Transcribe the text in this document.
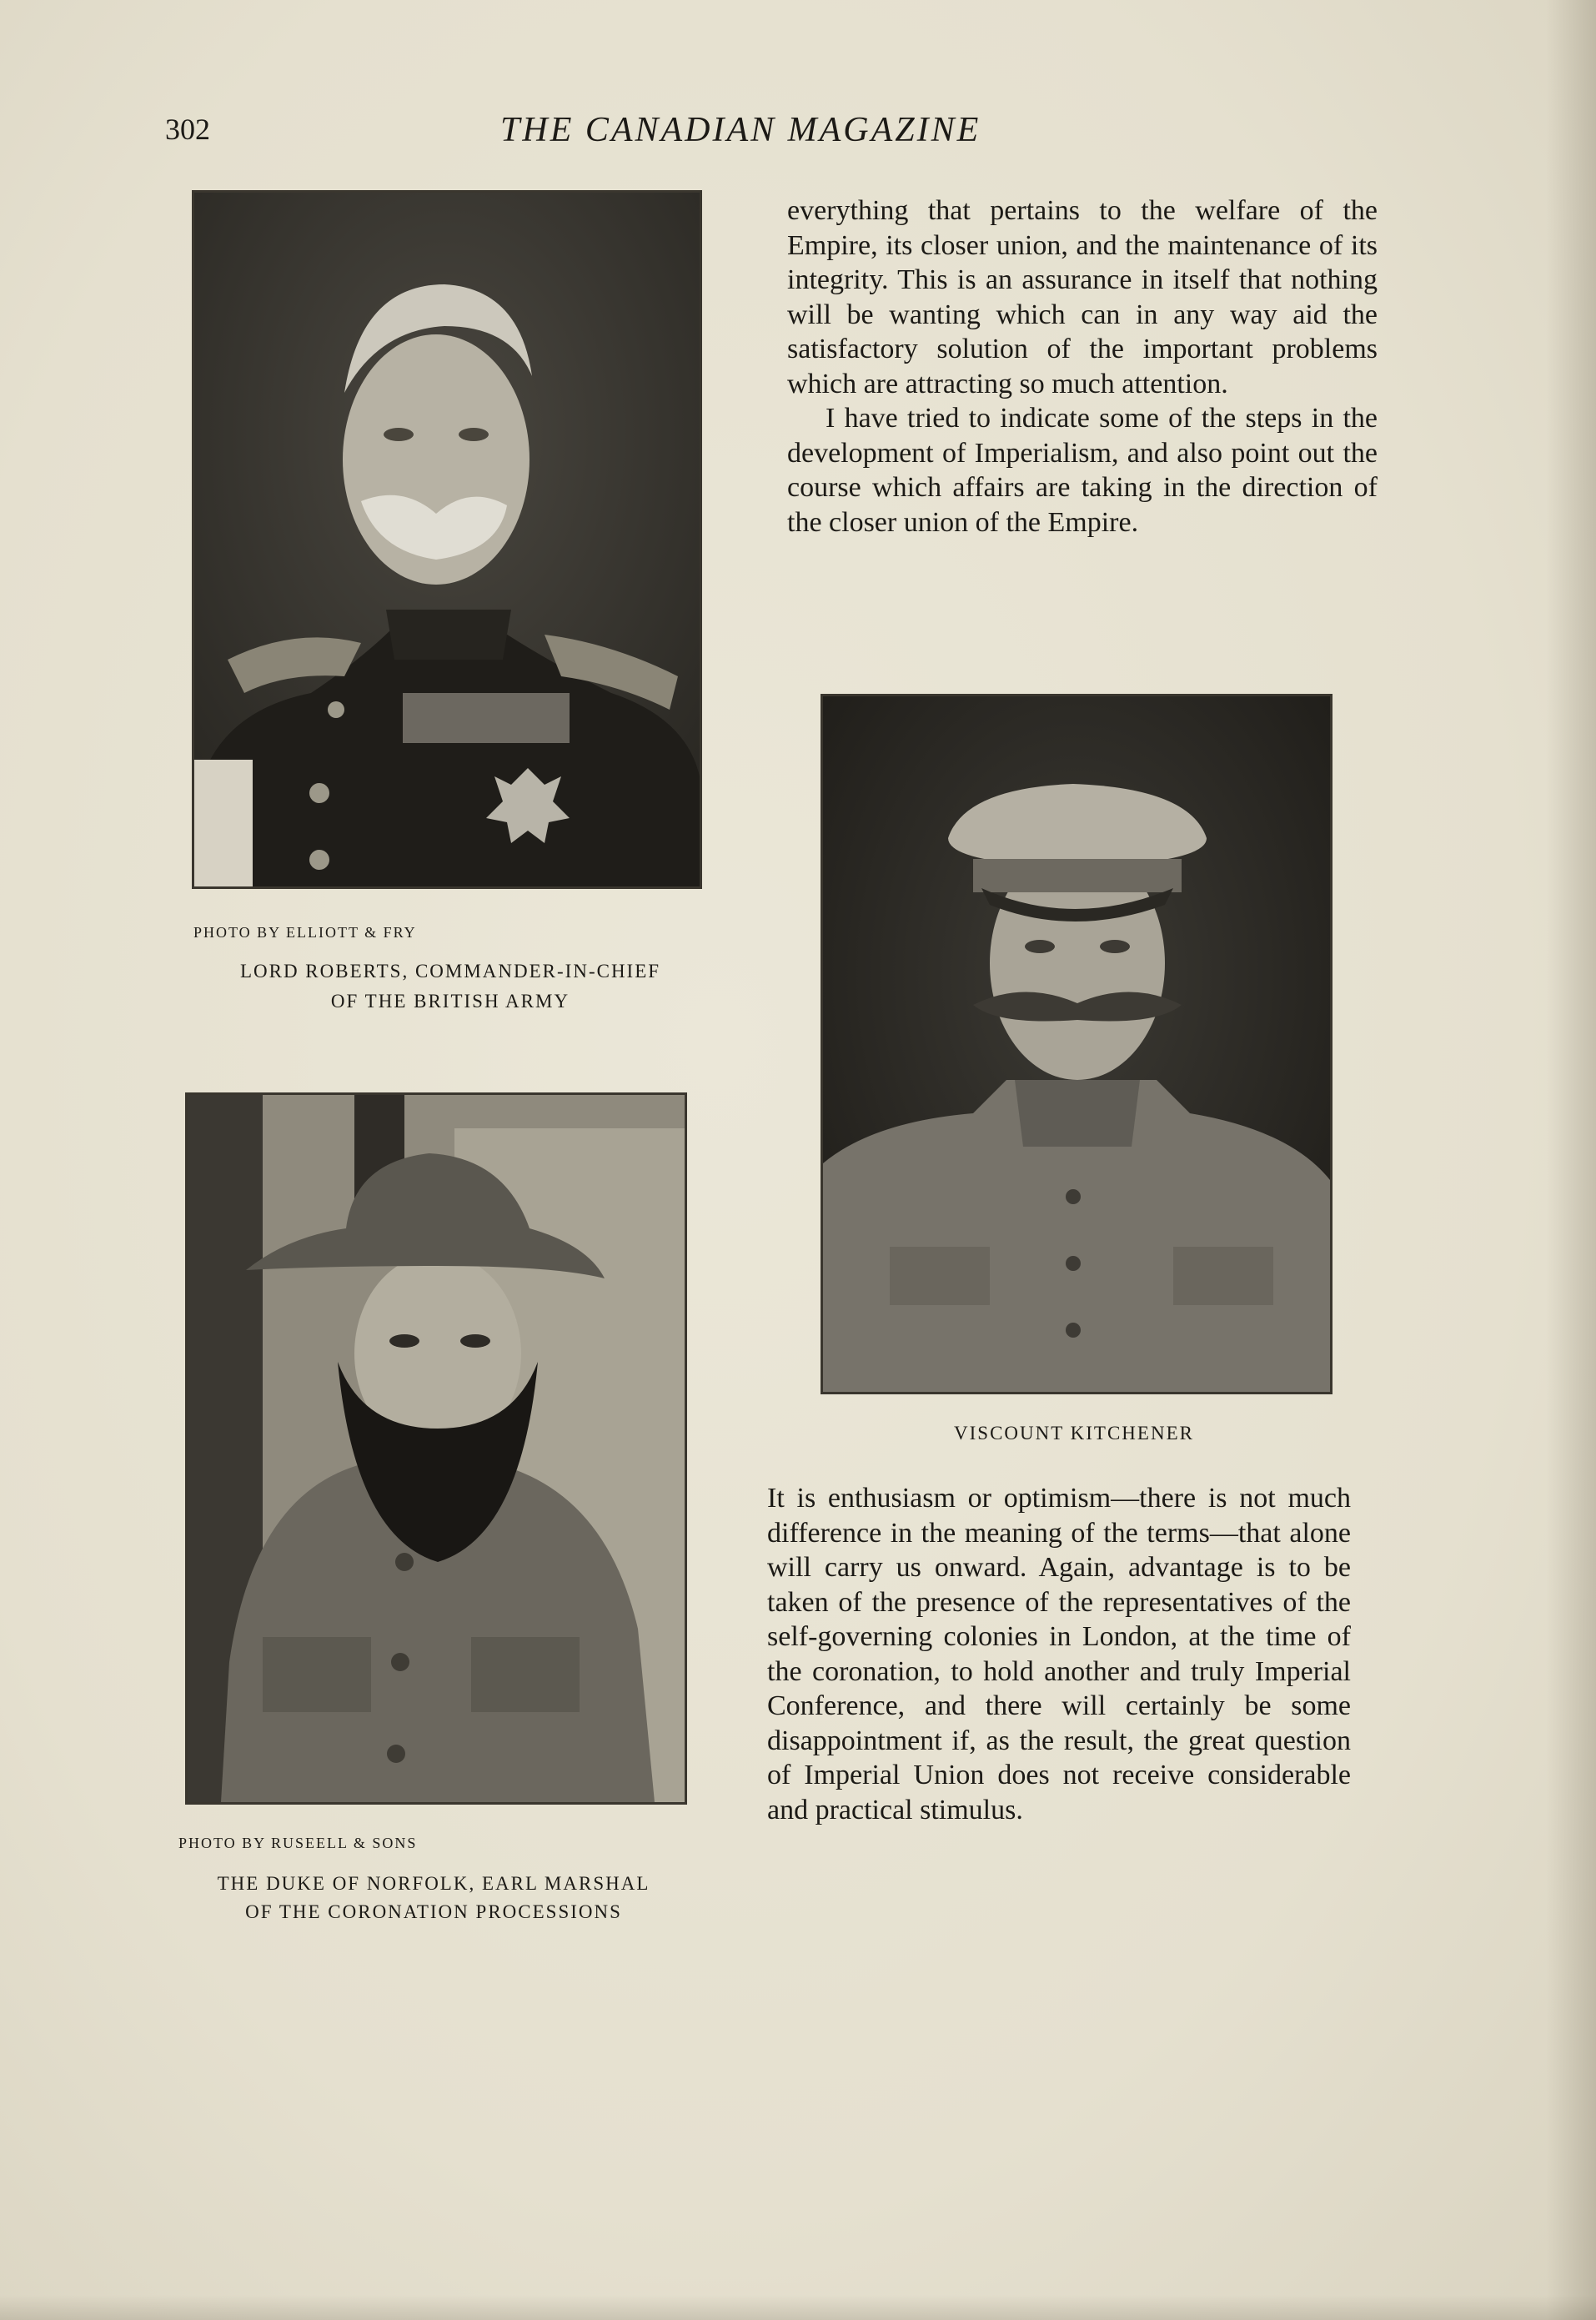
302	THE CANADIAN MAGAZINE
PHOTO BY ELLIOTT & FRY
LORD ROBERTS, COMMANDER-IN-CHIEF
OF THE BRITISH ARMY

everything that pertains to the welfare of the Empire, its closer union, and the maintenance of its integrity. This is an assurance in itself that nothing will be wanting which can in any way aid the satisfactory solution of the important problems which are attracting so much attention.

I have tried to indicate some of the steps in the development of Imperialism, and also point out the course which affairs are taking in the direction of the closer union of the Empire.

VISCOUNT KITCHENER
PHOTO BY RUSEELL & SONS
THE DUKE OF NORFOLK, EARL MARSHAL
OF THE CORONATION PROCESSIONS

It is enthusiasm or optimism—there is not much difference in the meaning of the terms—that alone will carry us onward. Again, advantage is to be taken of the presence of the representatives of the self-governing colonies in London, at the time of the coronation, to hold another and truly Imperial Conference, and there will certainly be some disappointment if, as the result, the great question of Imperial Union does not receive considerable and practical stimulus.
